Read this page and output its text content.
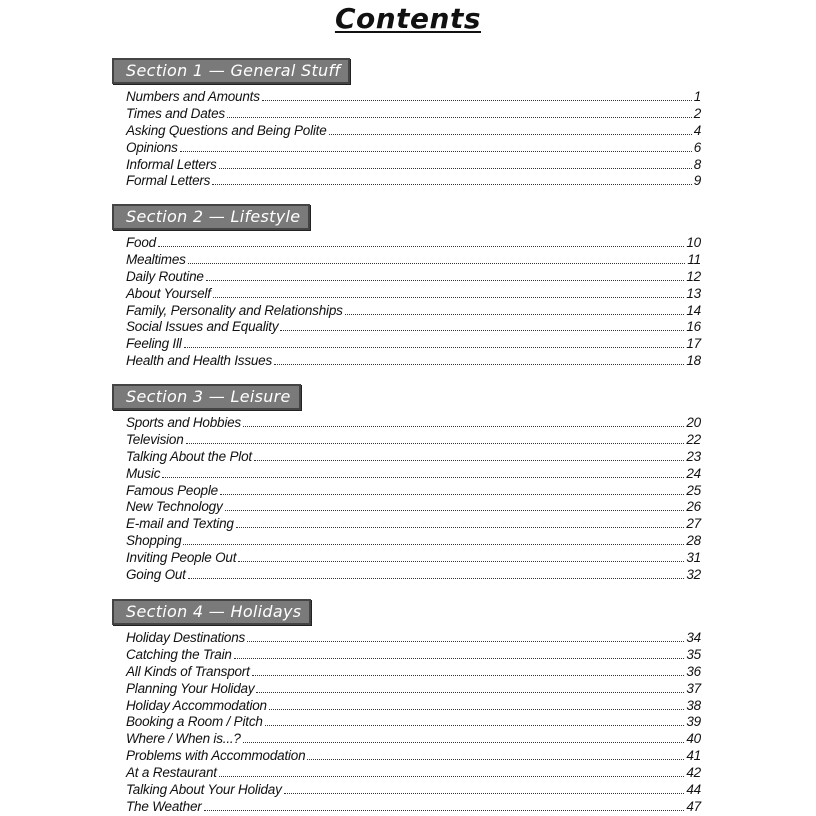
Contents
Section 1 — General Stuff
Numbers and Amounts	1
Times and Dates	2
Asking Questions and Being Polite	4
Opinions	6
Informal Letters	8
Formal Letters	9
Section 2 — Lifestyle
Food	10
Mealtimes	11
Daily Routine	12
About Yourself	13
Family, Personality and Relationships	14
Social Issues and Equality	16
Feeling Ill	17
Health and Health Issues	18
Section 3 — Leisure
Sports and Hobbies	20
Television	22
Talking About the Plot	23
Music	24
Famous People	25
New Technology	26
E-mail and Texting	27
Shopping	28
Inviting People Out	31
Going Out	32
Section 4 — Holidays
Holiday Destinations	34
Catching the Train	35
All Kinds of Transport	36
Planning Your Holiday	37
Holiday Accommodation	38
Booking a Room / Pitch	39
Where / When is...?	40
Problems with Accommodation	41
At a Restaurant	42
Talking About Your Holiday	44
The Weather	47
